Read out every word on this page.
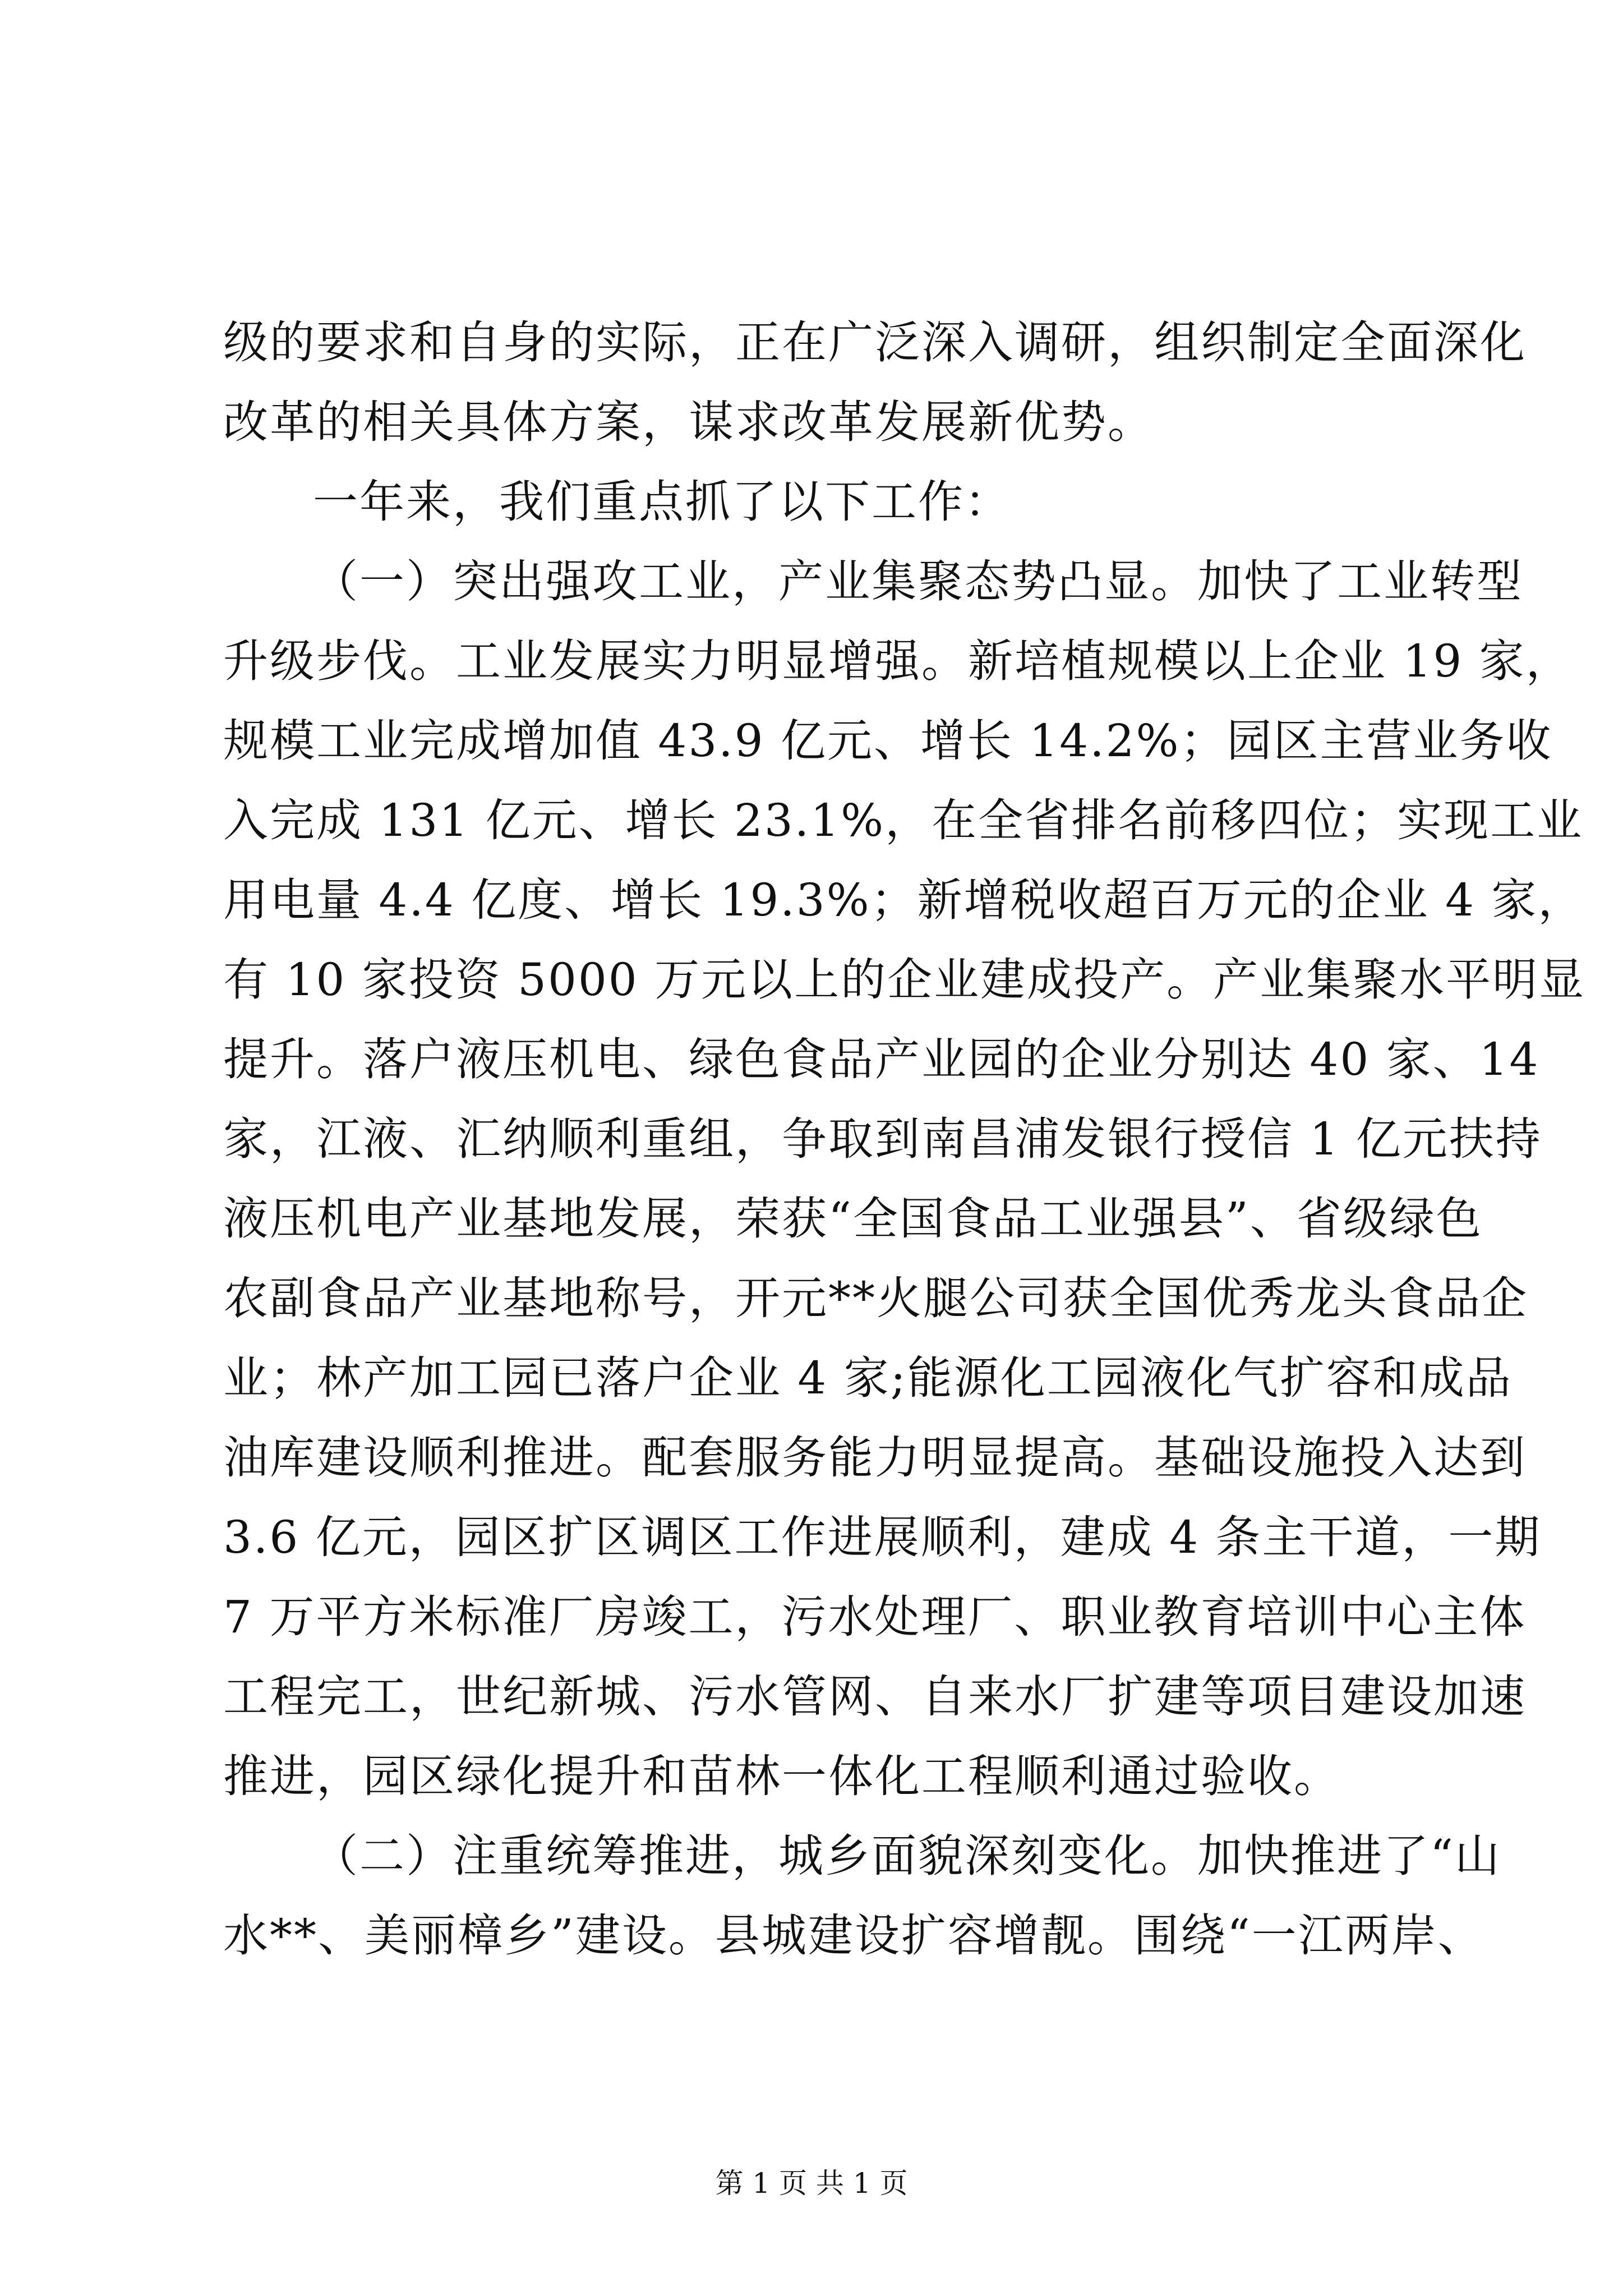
级的要求和自身的实际，正在广泛深入调研，组织制定全面深化
改革的相关具体方案，谋求改革发展新优势。
一年来，我们重点抓了以下工作：
（一）突出强攻工业，产业集聚态势凸显。加快了工业转型
升级步伐。工业发展实力明显增强。新培植规模以上企业 19 家，
规模工业完成增加值 43.9 亿元、增长 14.2%；园区主营业务收
入完成 131 亿元、增长 23.1%，在全省排名前移四位；实现工业
用电量 4.4 亿度、增长 19.3%；新增税收超百万元的企业 4 家，
有 10 家投资 5000 万元以上的企业建成投产。产业集聚水平明显
提升。落户液压机电、绿色食品产业园的企业分别达 40 家、14
家，江液、汇纳顺利重组，争取到南昌浦发银行授信 1 亿元扶持
液压机电产业基地发展，荣获“全国食品工业强县”、省级绿色
农副食品产业基地称号，开元**火腿公司获全国优秀龙头食品企
业；林产加工园已落户企业 4 家;能源化工园液化气扩容和成品
油库建设顺利推进。配套服务能力明显提高。基础设施投入达到
3.6 亿元，园区扩区调区工作进展顺利，建成 4 条主干道，一期
7 万平方米标准厂房竣工，污水处理厂、职业教育培训中心主体
工程完工，世纪新城、污水管网、自来水厂扩建等项目建设加速
推进，园区绿化提升和苗林一体化工程顺利通过验收。
（二）注重统筹推进，城乡面貌深刻变化。加快推进了“山
水**、美丽樟乡”建设。县城建设扩容增靓。围绕“一江两岸、
第 1 页 共 1 页
